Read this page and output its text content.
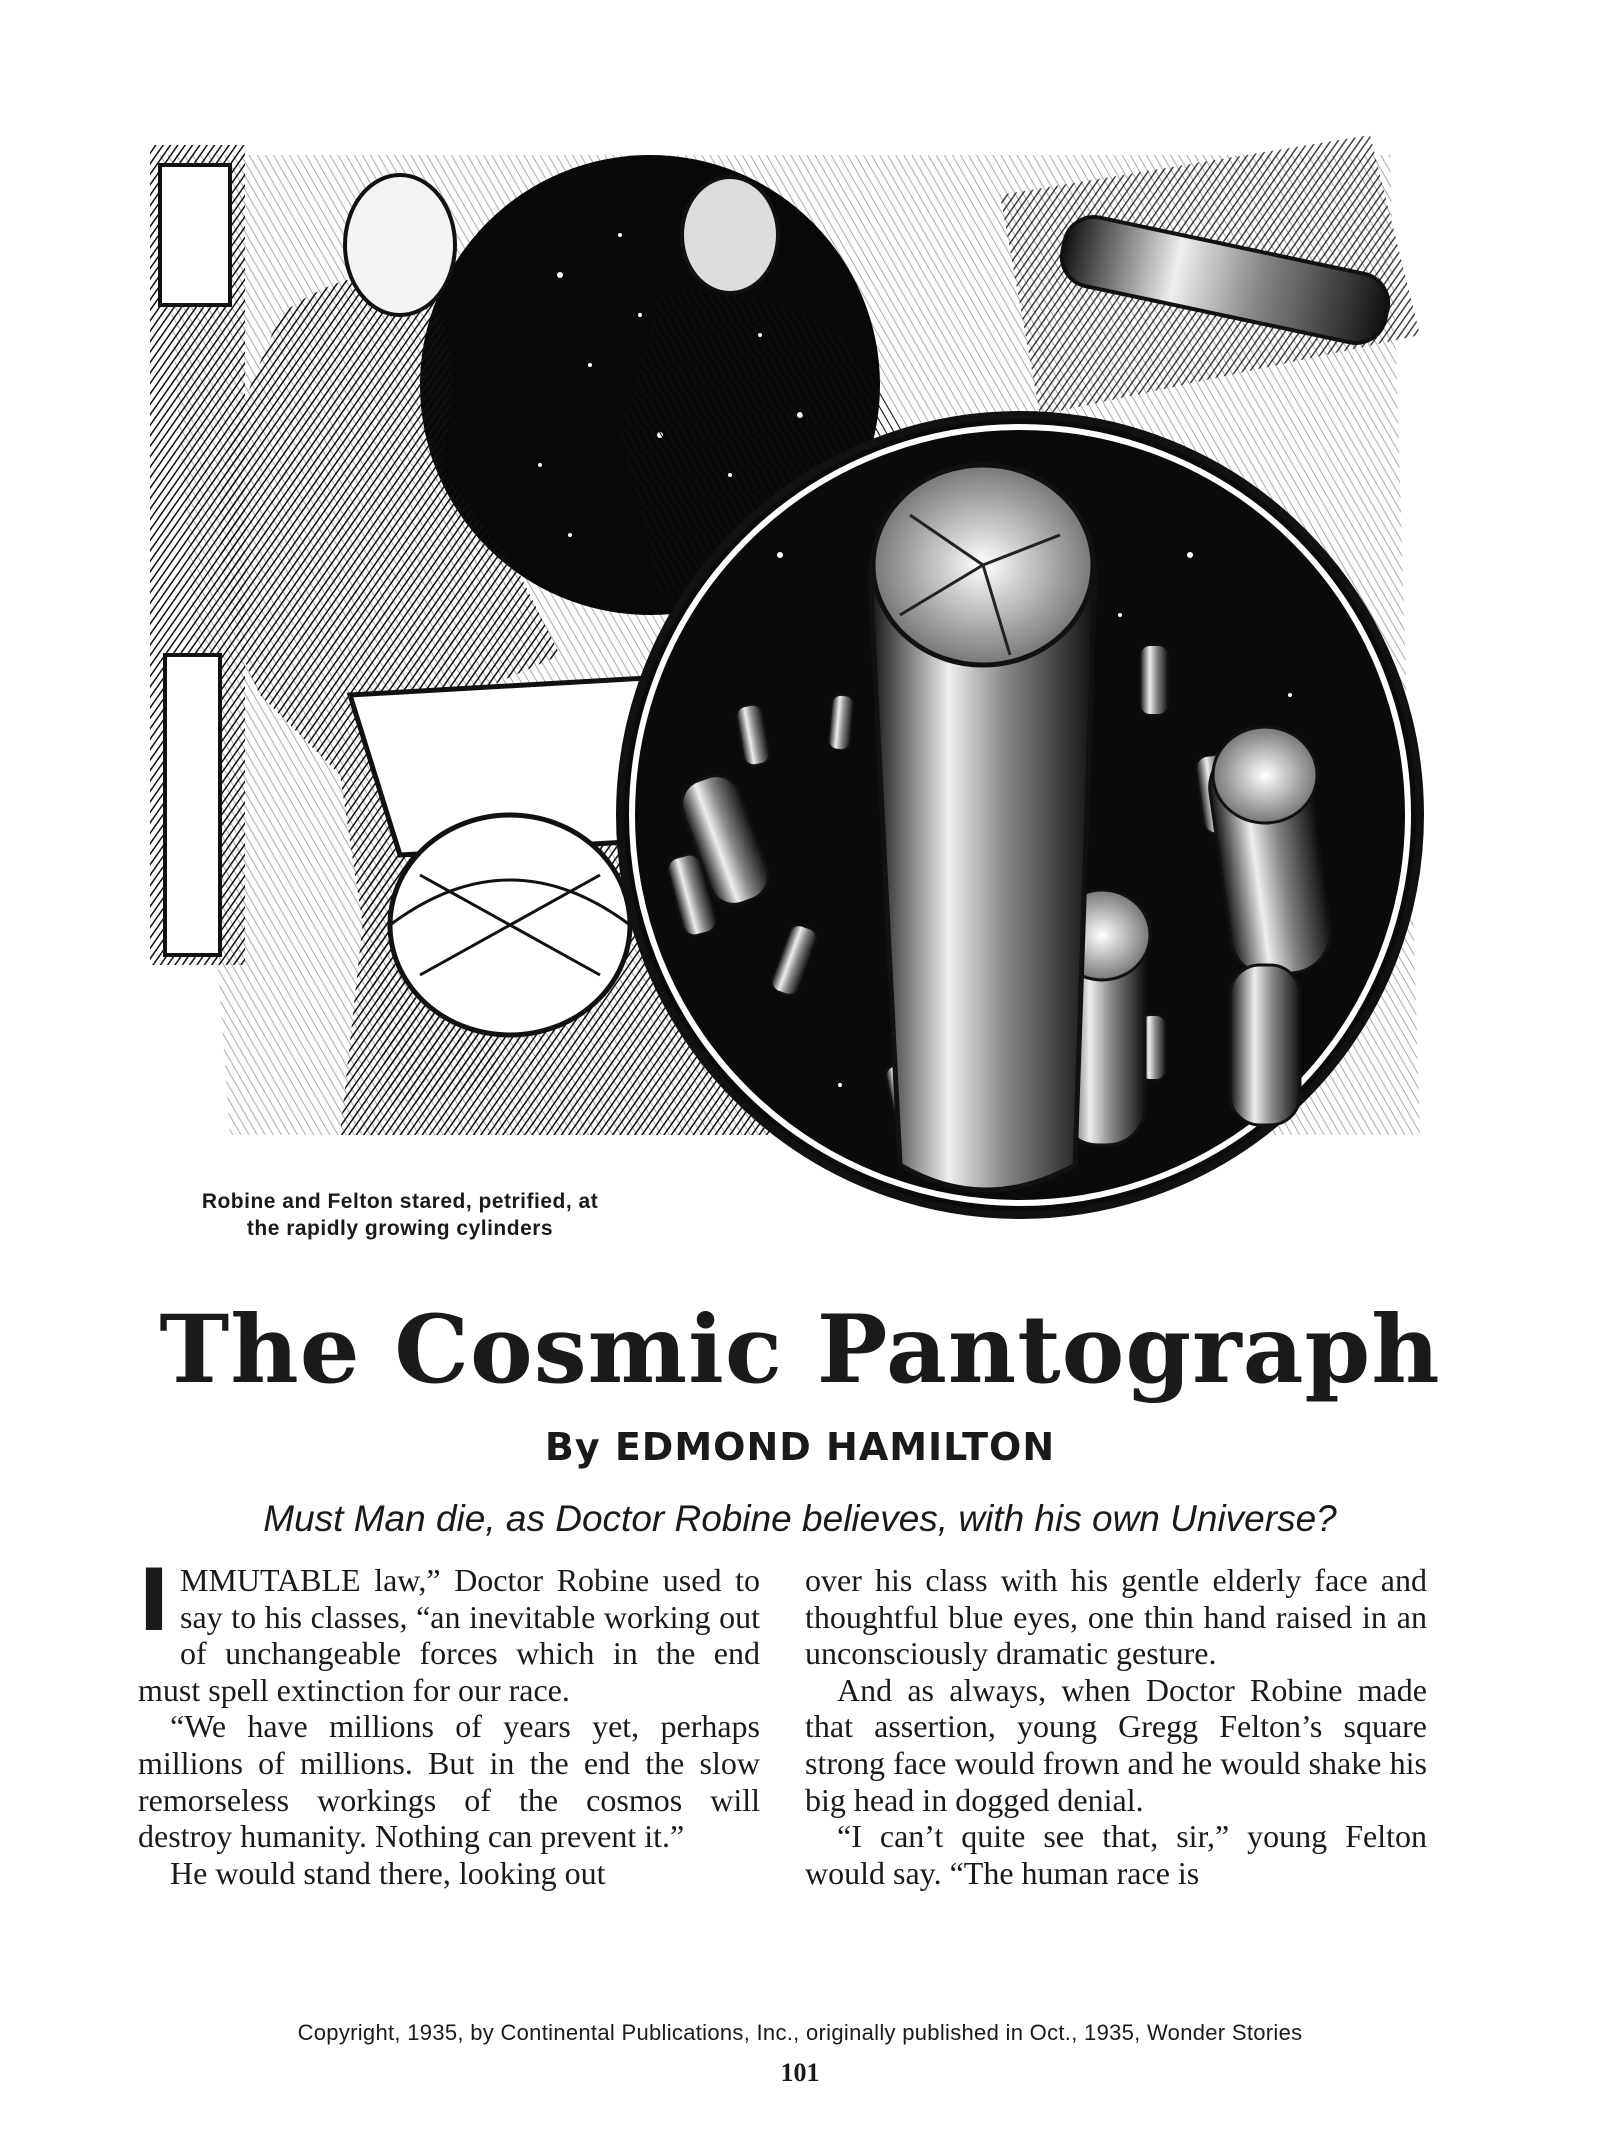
Robine and Felton stared, petrified, at
the rapidly growing cylinders
The Cosmic Pantograph
By EDMOND HAMILTON
Must Man die, as Doctor Robine believes, with his own Universe?

IMMUTABLE law,” Doctor Robine used to say to his classes, “an inevitable working out of unchangeable forces which in the end must spell extinction for our race.

“We have millions of years yet, perhaps millions of millions. But in the end the slow remorseless workings of the cosmos will destroy humanity. Nothing can prevent it.”

He would stand there, looking out

over his class with his gentle elderly face and thoughtful blue eyes, one thin hand raised in an unconsciously dramatic gesture.

And as always, when Doctor Robine made that assertion, young Gregg Felton’s square strong face would frown and he would shake his big head in dogged denial.

“I can’t quite see that, sir,” young Felton would say. “The human race is

Copyright, 1935, by Continental Publications, Inc., originally published in Oct., 1935, Wonder Stories
101
